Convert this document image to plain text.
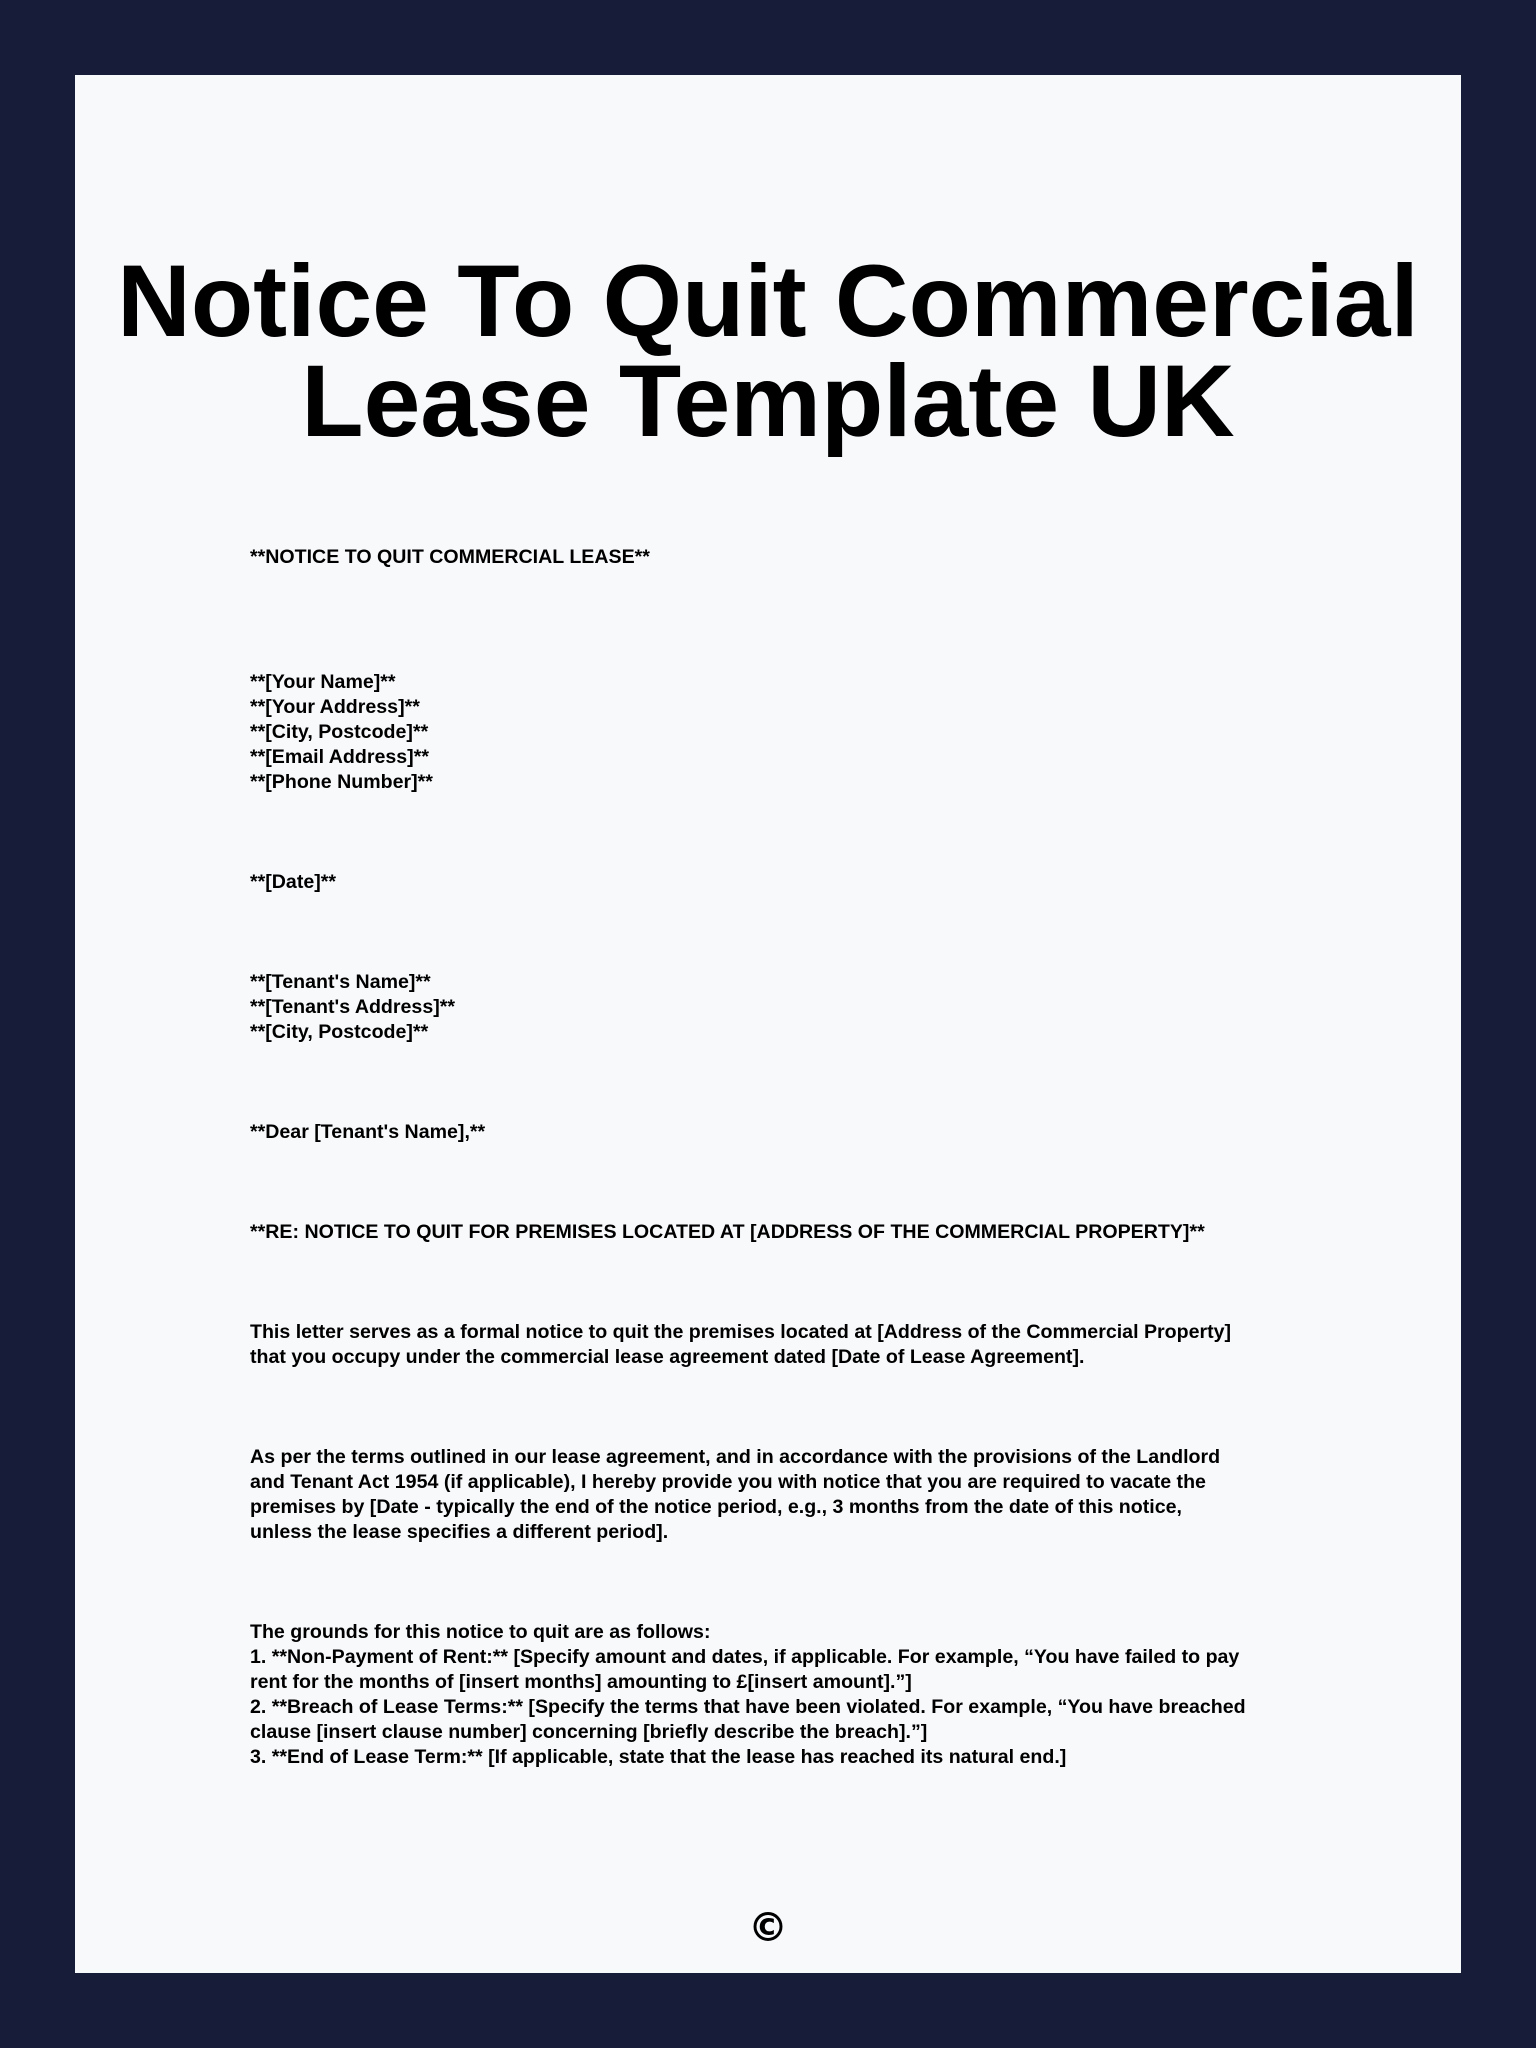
Notice To Quit Commercial
Lease Template UK
**NOTICE TO QUIT COMMERCIAL LEASE**
**[Your Name]**
**[Your Address]**
**[City, Postcode]**
**[Email Address]**
**[Phone Number]**
**[Date]**
**[Tenant's Name]**
**[Tenant's Address]**
**[City, Postcode]**
**Dear [Tenant's Name],**
**RE: NOTICE TO QUIT FOR PREMISES LOCATED AT [ADDRESS OF THE COMMERCIAL PROPERTY]**
This letter serves as a formal notice to quit the premises located at [Address of the Commercial Property]
that you occupy under the commercial lease agreement dated [Date of Lease Agreement].
As per the terms outlined in our lease agreement, and in accordance with the provisions of the Landlord
and Tenant Act 1954 (if applicable), I hereby provide you with notice that you are required to vacate the
premises by [Date - typically the end of the notice period, e.g., 3 months from the date of this notice,
unless the lease specifies a different period].
The grounds for this notice to quit are as follows:
1. **Non-Payment of Rent:** [Specify amount and dates, if applicable. For example, “You have failed to pay
rent for the months of [insert months] amounting to £[insert amount].”]
2. **Breach of Lease Terms:** [Specify the terms that have been violated. For example, “You have breached
clause [insert clause number] concerning [briefly describe the breach].”]
3. **End of Lease Term:** [If applicable, state that the lease has reached its natural end.]
©
